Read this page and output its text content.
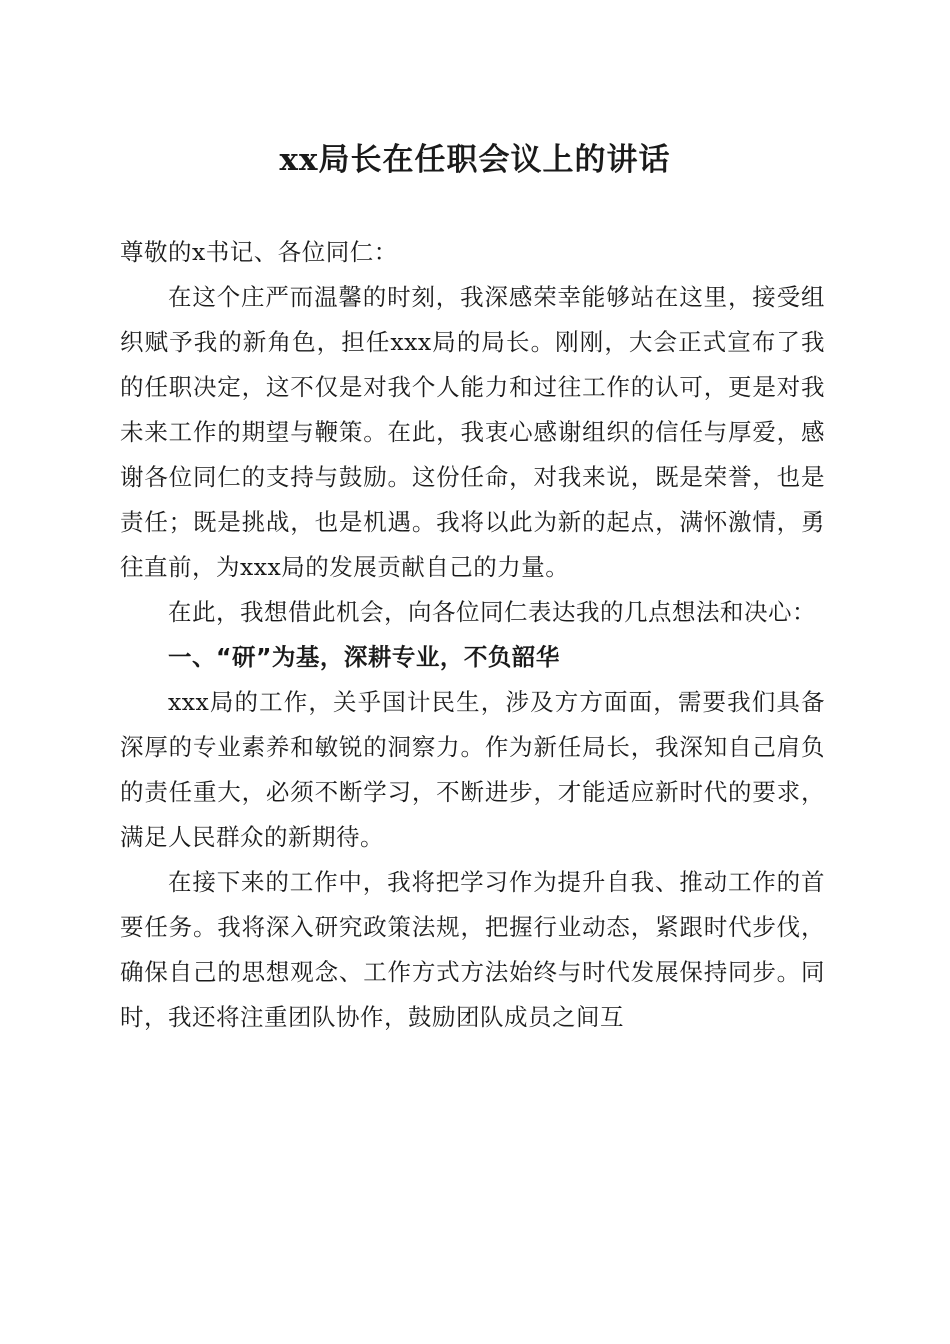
xx局长在任职会议上的讲话

尊敬的x书记、各位同仁：

在这个庄严而温馨的时刻，我深感荣幸能够站在这里，接受组织赋予我的新角色，担任xxx局的局长。刚刚，大会正式宣布了我的任职决定，这不仅是对我个人能力和过往工作的认可，更是对我未来工作的期望与鞭策。在此，我衷心感谢组织的信任与厚爱，感谢各位同仁的支持与鼓励。这份任命，对我来说，既是荣誉，也是责任；既是挑战，也是机遇。我将以此为新的起点，满怀激情，勇往直前，为xxx局的发展贡献自己的力量。

在此，我想借此机会，向各位同仁表达我的几点想法和决心：

一、“研”为基，深耕专业，不负韶华

xxx局的工作，关乎国计民生，涉及方方面面，需要我们具备深厚的专业素养和敏锐的洞察力。作为新任局长，我深知自己肩负的责任重大，必须不断学习，不断进步，才能适应新时代的要求，满足人民群众的新期待。

在接下来的工作中，我将把学习作为提升自我、推动工作的首要任务。我将深入研究政策法规，把握行业动态，紧跟时代步伐，确保自己的思想观念、工作方式方法始终与时代发展保持同步。同时，我还将注重团队协作，鼓励团队成员之间互
